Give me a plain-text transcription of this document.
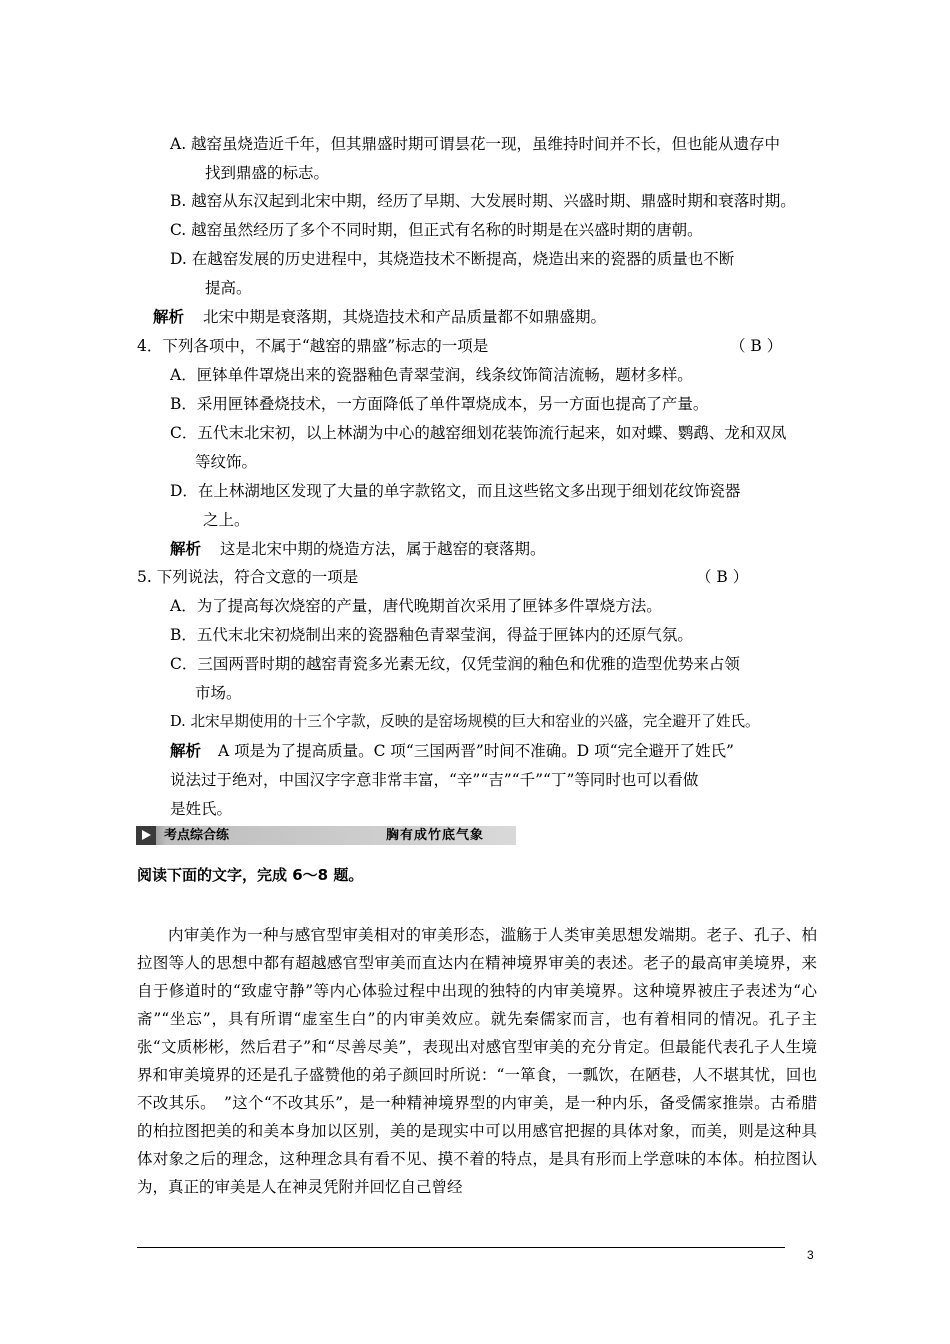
A. 越窑虽烧造近千年，但其鼎盛时期可谓昙花一现，虽维持时间并不长，但也能从遗存中
找到鼎盛的标志。
B. 越窑从东汉起到北宋中期，经历了早期、大发展时期、兴盛时期、鼎盛时期和衰落时期。
C. 越窑虽然经历了多个不同时期，但正式有名称的时期是在兴盛时期的唐朝。
D. 在越窑发展的历史进程中，其烧造技术不断提高，烧造出来的瓷器的质量也不断
提高。
解析 北宋中期是衰落期，其烧造技术和产品质量都不如鼎盛期。
4．下列各项中，不属于“越窑的鼎盛”标志的一项是	（ B ）
A．匣钵单件罩烧出来的瓷器釉色青翠莹润，线条纹饰简洁流畅，题材多样。
B．采用匣钵叠烧技术，一方面降低了单件罩烧成本，另一方面也提高了产量。
C．五代末北宋初，以上林湖为中心的越窑细划花装饰流行起来，如对蝶、鹦鹉、龙和双凤
等纹饰。
D．在上林湖地区发现了大量的单字款铭文，而且这些铭文多出现于细划花纹饰瓷器
之上。
解析 这是北宋中期的烧造方法，属于越窑的衰落期。
5. 下列说法，符合文意的一项是	（ B ）
A．为了提高每次烧窑的产量，唐代晚期首次采用了匣钵多件罩烧方法。
B．五代末北宋初烧制出来的瓷器釉色青翠莹润，得益于匣钵内的还原气氛。
C．三国两晋时期的越窑青瓷多光素无纹，仅凭莹润的釉色和优雅的造型优势来占领
市场。
D. 北宋早期使用的十三个字款，反映的是窑场规模的巨大和窑业的兴盛，完全避开了姓氏。
解析 A 项是为了提高质量。C 项“三国两晋”时间不准确。D 项“完全避开了姓氏”
说法过于绝对，中国汉字字意非常丰富，“辛”“吉”“千”“丁”等同时也可以看做
是姓氏。
考点综合练	胸有成竹底气象
阅读下面的文字，完成 6～8 题。
内审美作为一种与感官型审美相对的审美形态，滥觞于人类审美思想发端期。老子、孔子、柏拉图等人的思想中都有超越感官型审美而直达内在精神境界审美的表述。老子的最高审美境界，来自于修道时的“致虚守静”等内心体验过程中出现的独特的内审美境界。这种境界被庄子表述为“心斋”“坐忘”，具有所谓“虚室生白”的内审美效应。就先秦儒家而言，也有着相同的情况。孔子主张“文质彬彬，然后君子”和“尽善尽美”，表现出对感官型审美的充分肯定。但最能代表孔子人生境界和审美境界的还是孔子盛赞他的弟子颜回时所说：“一箪食，一瓢饮，在陋巷，人不堪其忧，回也不改其乐。　”这个“不改其乐”，是一种精神境界型的内审美，是一种内乐，备受儒家推崇。古希腊的柏拉图把美的和美本身加以区别，美的是现实中可以用感官把握的具体对象，而美，则是这种具体对象之后的理念，这种理念具有看不见、摸不着的特点，是具有形而上学意味的本体。柏拉图认为，真正的审美是人在神灵凭附并回忆自己曾经
3
